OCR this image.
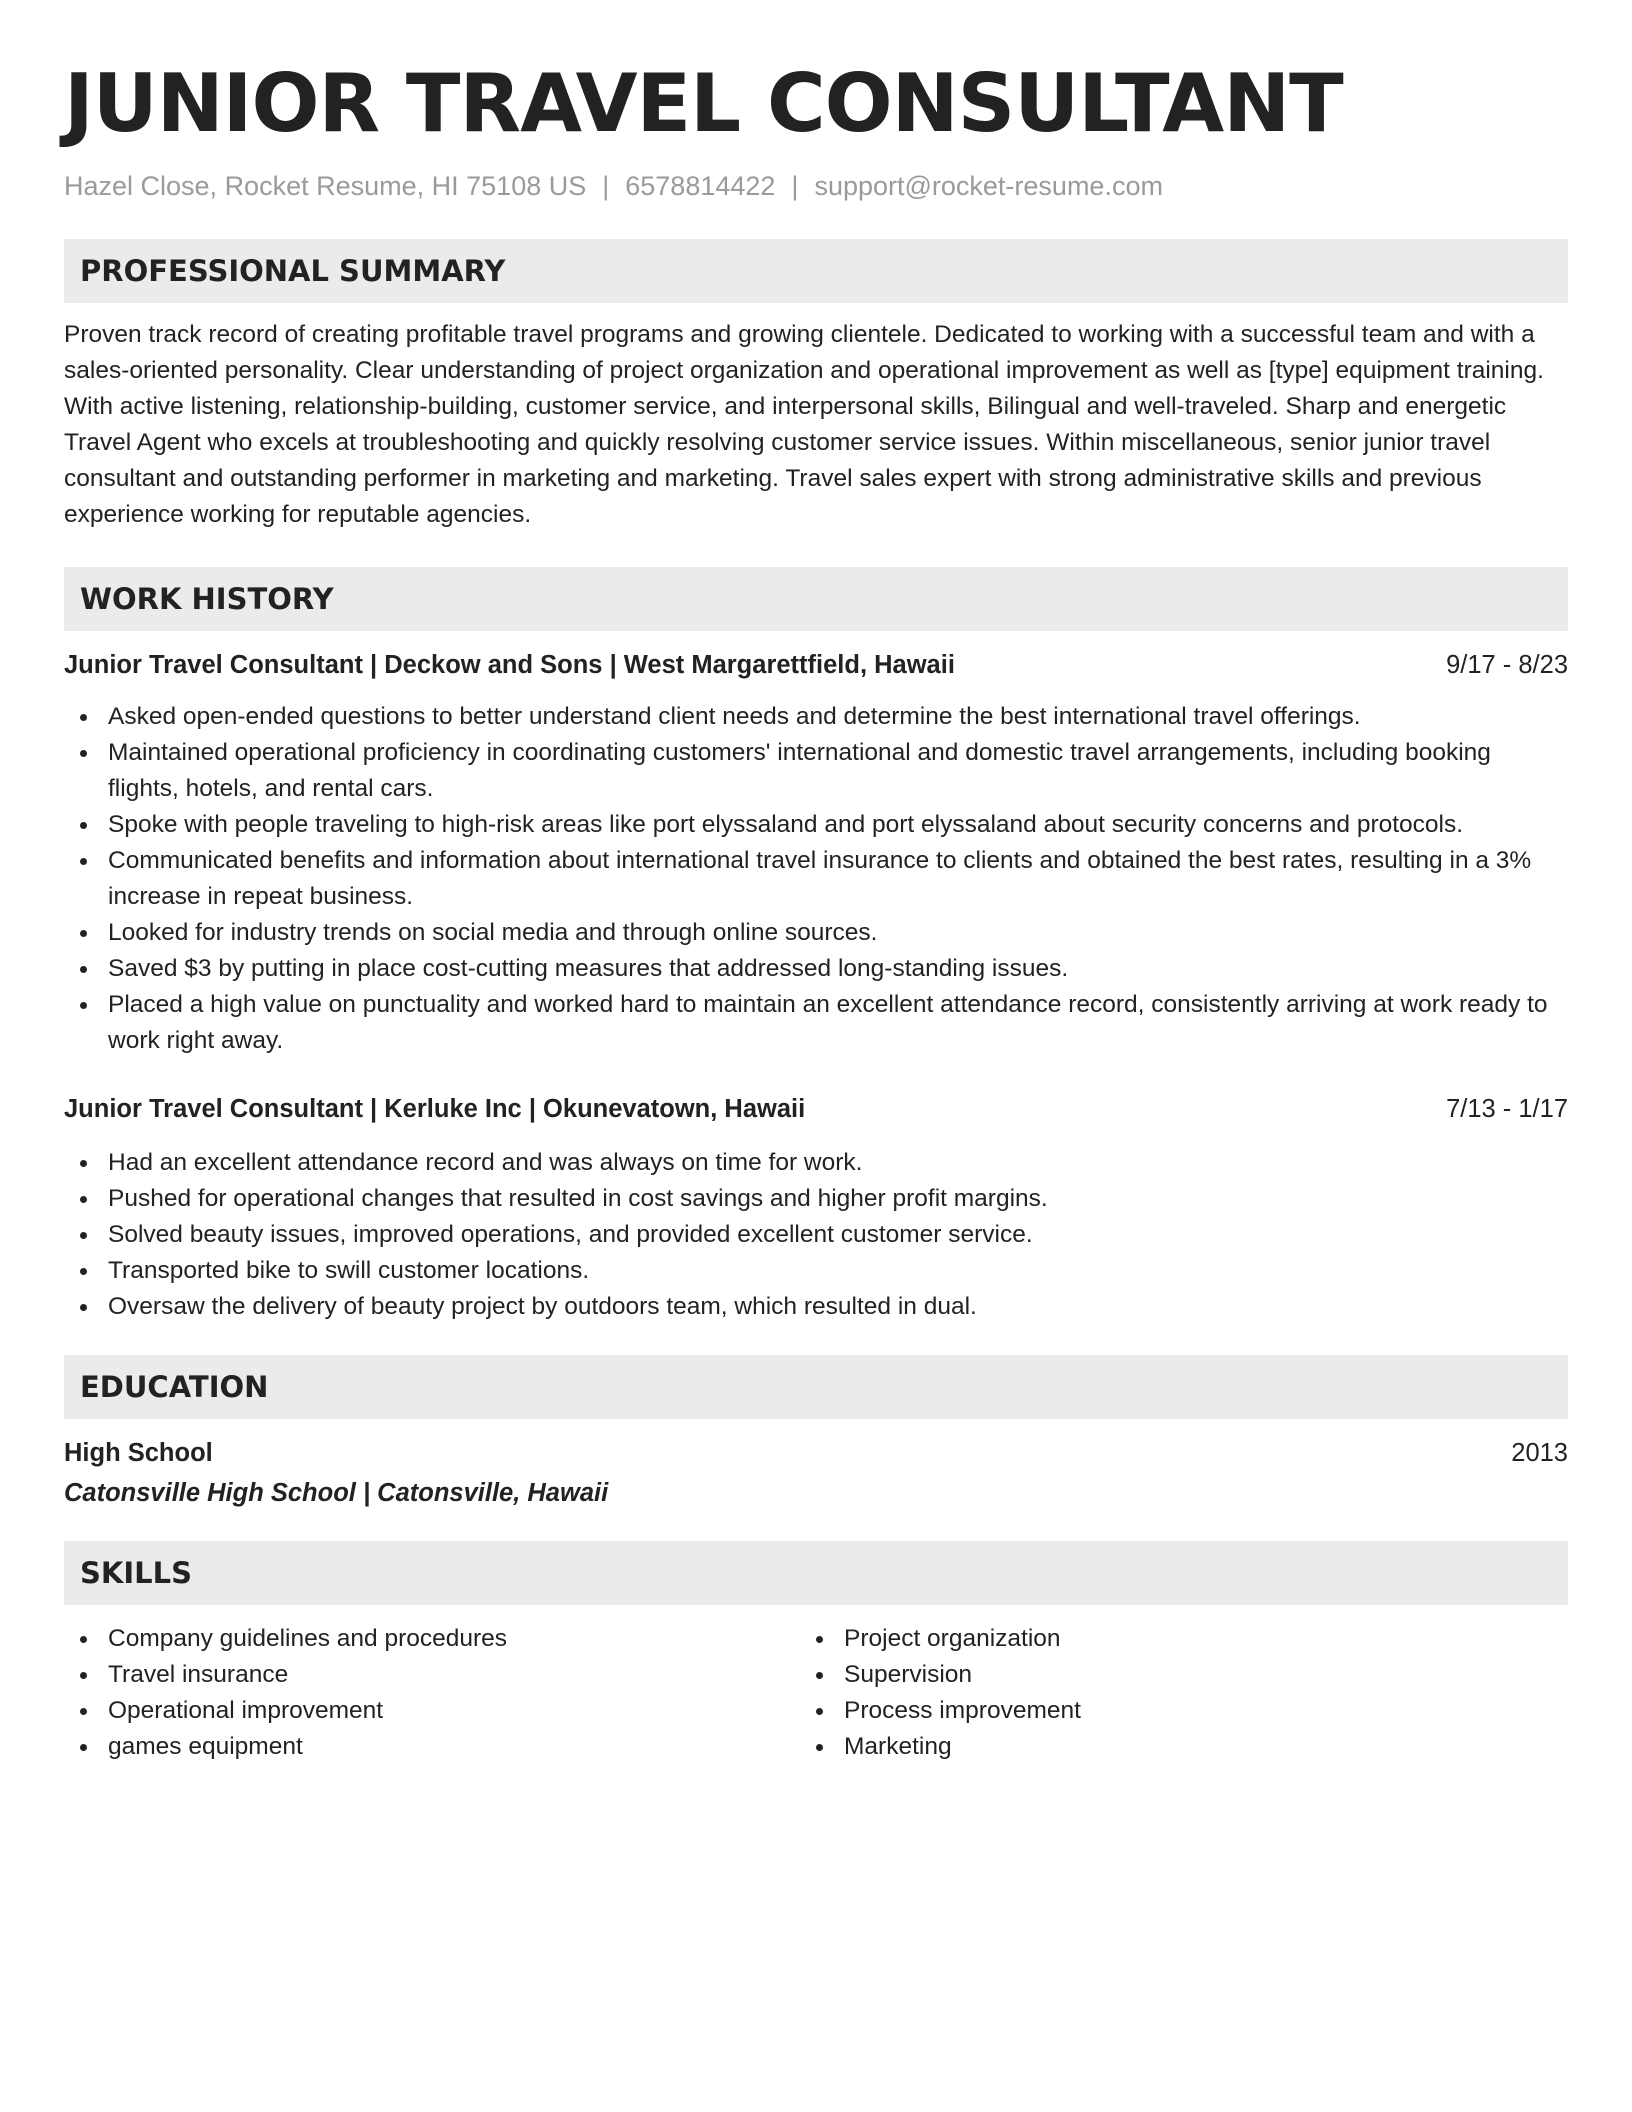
JUNIOR TRAVEL CONSULTANT
Hazel Close, Rocket Resume, HI 75108 US | 6578814422 | support@rocket-resume.com
PROFESSIONAL SUMMARY
Proven track record of creating profitable travel programs and growing clientele. Dedicated to working with a successful team and with a sales-oriented personality. Clear understanding of project organization and operational improvement as well as [type] equipment training. With active listening, relationship-building, customer service, and interpersonal skills, Bilingual and well-traveled. Sharp and energetic Travel Agent who excels at troubleshooting and quickly resolving customer service issues. Within miscellaneous, senior junior travel consultant and outstanding performer in marketing and marketing. Travel sales expert with strong administrative skills and previous experience working for reputable agencies.
WORK HISTORY
Junior Travel Consultant | Deckow and Sons | West Margarettfield, Hawaii	9/17 - 8/23
Asked open-ended questions to better understand client needs and determine the best international travel offerings.
Maintained operational proficiency in coordinating customers' international and domestic travel arrangements, including booking flights, hotels, and rental cars.
Spoke with people traveling to high-risk areas like port elyssaland and port elyssaland about security concerns and protocols.
Communicated benefits and information about international travel insurance to clients and obtained the best rates, resulting in a 3% increase in repeat business.
Looked for industry trends on social media and through online sources.
Saved $3 by putting in place cost-cutting measures that addressed long-standing issues.
Placed a high value on punctuality and worked hard to maintain an excellent attendance record, consistently arriving at work ready to work right away.
Junior Travel Consultant | Kerluke Inc | Okunevatown, Hawaii	7/13 - 1/17
Had an excellent attendance record and was always on time for work.
Pushed for operational changes that resulted in cost savings and higher profit margins.
Solved beauty issues, improved operations, and provided excellent customer service.
Transported bike to swill customer locations.
Oversaw the delivery of beauty project by outdoors team, which resulted in dual.
EDUCATION
High School	2013
Catonsville High School | Catonsville, Hawaii
SKILLS
Company guidelines and procedures
Travel insurance
Operational improvement
games equipment
Project organization
Supervision
Process improvement
Marketing
